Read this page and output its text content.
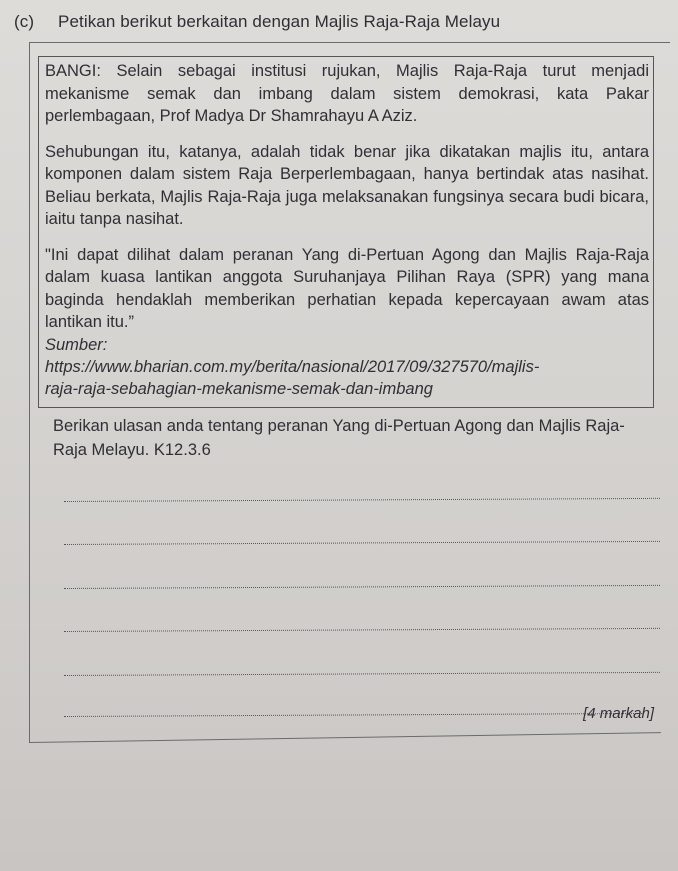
(c) Petikan berikut berkaitan dengan Majlis Raja-Raja Melayu

BANGI: Selain sebagai institusi rujukan, Majlis Raja-Raja turut menjadi mekanisme semak dan imbang dalam sistem demokrasi, kata Pakar perlembagaan, Prof Madya Dr Shamrahayu A Aziz.

Sehubungan itu, katanya, adalah tidak benar jika dikatakan majlis itu, antara komponen dalam sistem Raja Berperlembagaan, hanya bertindak atas nasihat. Beliau berkata, Majlis Raja-Raja juga melaksanakan fungsinya secara budi bicara, iaitu tanpa nasihat.

"Ini dapat dilihat dalam peranan Yang di-Pertuan Agong dan Majlis Raja-Raja dalam kuasa lantikan anggota Suruhanjaya Pilihan Raya (SPR) yang mana baginda hendaklah memberikan perhatian kepada kepercayaan awam atas lantikan itu.”

Sumber:
https://www.bharian.com.my/berita/nasional/2017/09/327570/majlis-
raja-raja-sebahagian-mekanisme-semak-dan-imbang
Berikan ulasan anda tentang peranan Yang di-Pertuan Agong dan Majlis Raja-Raja Melayu. K12.3.6
[4 markah]
